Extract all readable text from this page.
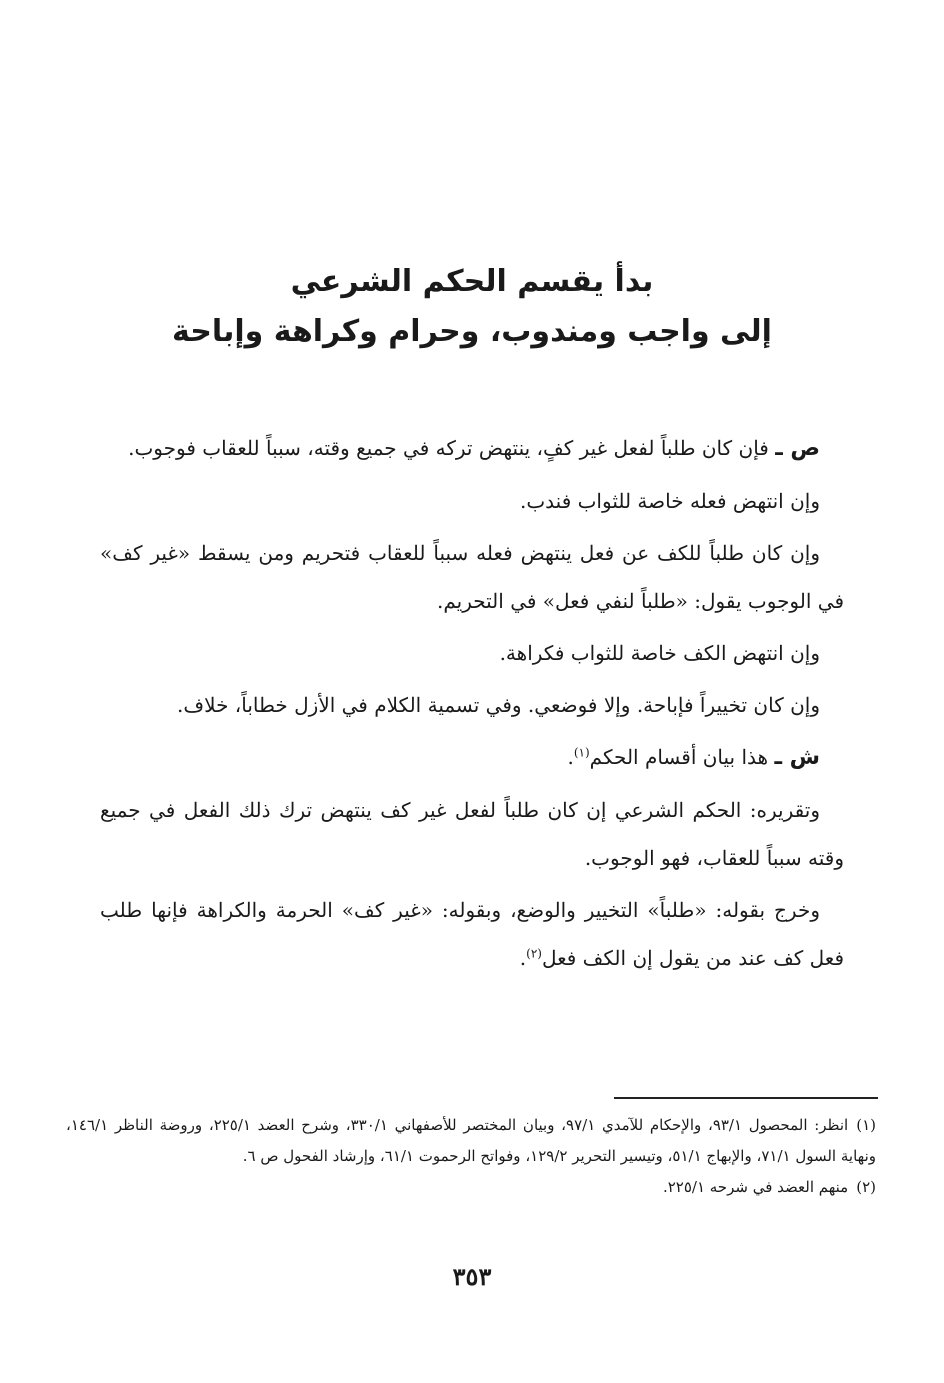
بدأ يقسم الحكم الشرعي
إلى واجب ومندوب، وحرام وكراهة وإباحة

ص ـ فإن كان طلباً لفعل غير كفٍ، ينتهض تركه في جميع وقته، سبباً للعقاب فوجوب.

وإن انتهض فعله خاصة للثواب فندب.

وإن كان طلباً للكف عن فعل ينتهض فعله سبباً للعقاب فتحريم ومن يسقط «غير كف» في الوجوب يقول: «طلباً لنفي فعل» في التحريم.

وإن انتهض الكف خاصة للثواب فكراهة.

وإن كان تخييراً فإباحة. وإلا فوضعي. وفي تسمية الكلام في الأزل خطاباً، خلاف.

ش ـ هذا بيان أقسام الحكم$^{(١)}$.

وتقريره: الحكم الشرعي إن كان طلباً لفعل غير كف ينتهض ترك ذلك الفعل في جميع وقته سبباً للعقاب، فهو الوجوب.

وخرج بقوله: «طلباً» التخيير والوضع، وبقوله: «غير كف» الحرمة والكراهة فإنها طلب فعل كف عند من يقول إن الكف فعل$^{(٢)}$.

(١)انظر: المحصول ٩٣/١، والإحكام للآمدي ٩٧/١، وبيان المختصر للأصفهاني ٣٣٠/١، وشرح العضد ٢٢٥/١، وروضة الناظر ١٤٦/١، ونهاية السول ٧١/١، والإبهاج ٥١/١، وتيسير التحرير ١٢٩/٢، وفواتح الرحموت ٦١/١، وإرشاد الفحول ص ٦.

(٢)منهم العضد في شرحه ٢٢٥/١.

٣٥٣
